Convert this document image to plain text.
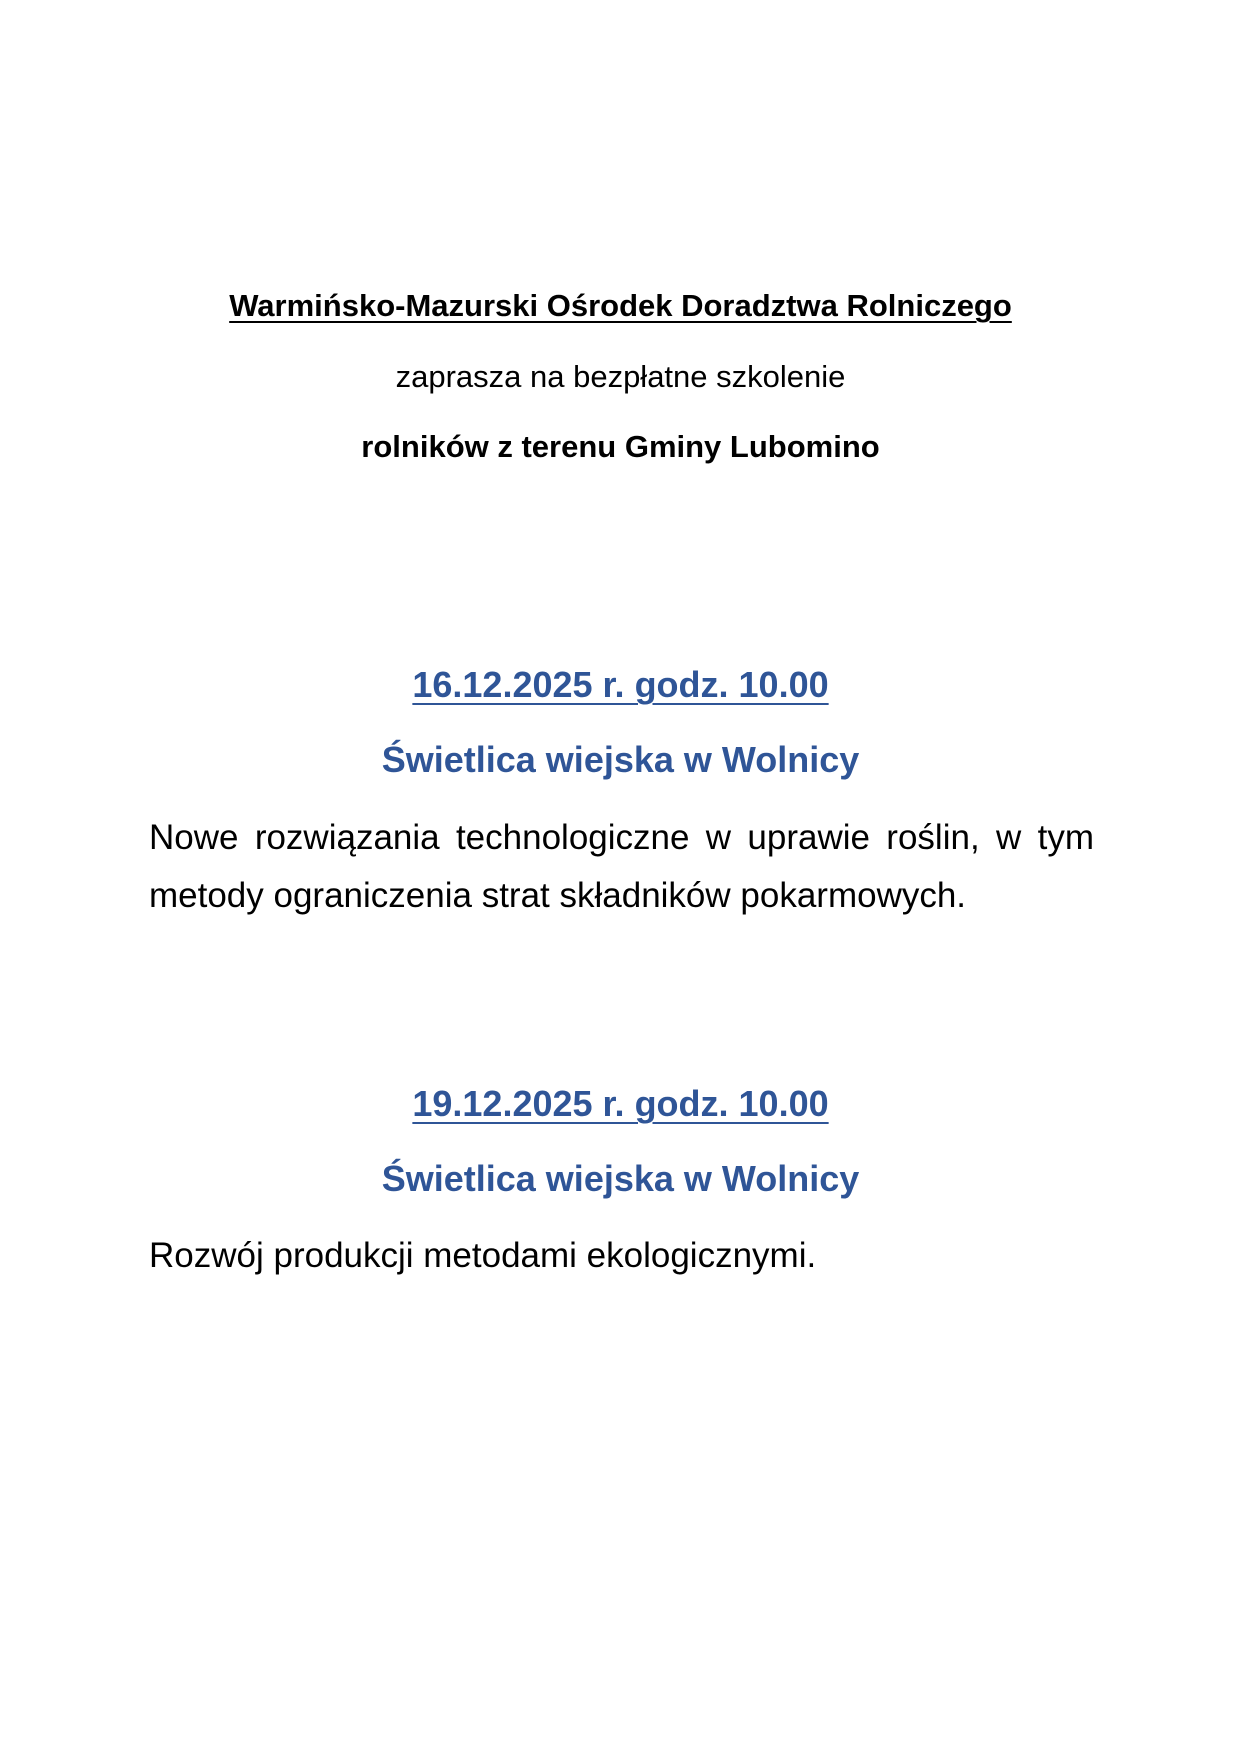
Warmińsko-Mazurski Ośrodek Doradztwa Rolniczego
zaprasza na bezpłatne szkolenie
rolników z terenu Gminy Lubomino
16.12.2025 r. godz. 10.00
Świetlica wiejska w Wolnicy
Nowe rozwiązania technologiczne w uprawie roślin, w tym metody ograniczenia strat składników pokarmowych.
19.12.2025 r. godz. 10.00
Świetlica wiejska w Wolnicy
Rozwój produkcji metodami ekologicznymi.
